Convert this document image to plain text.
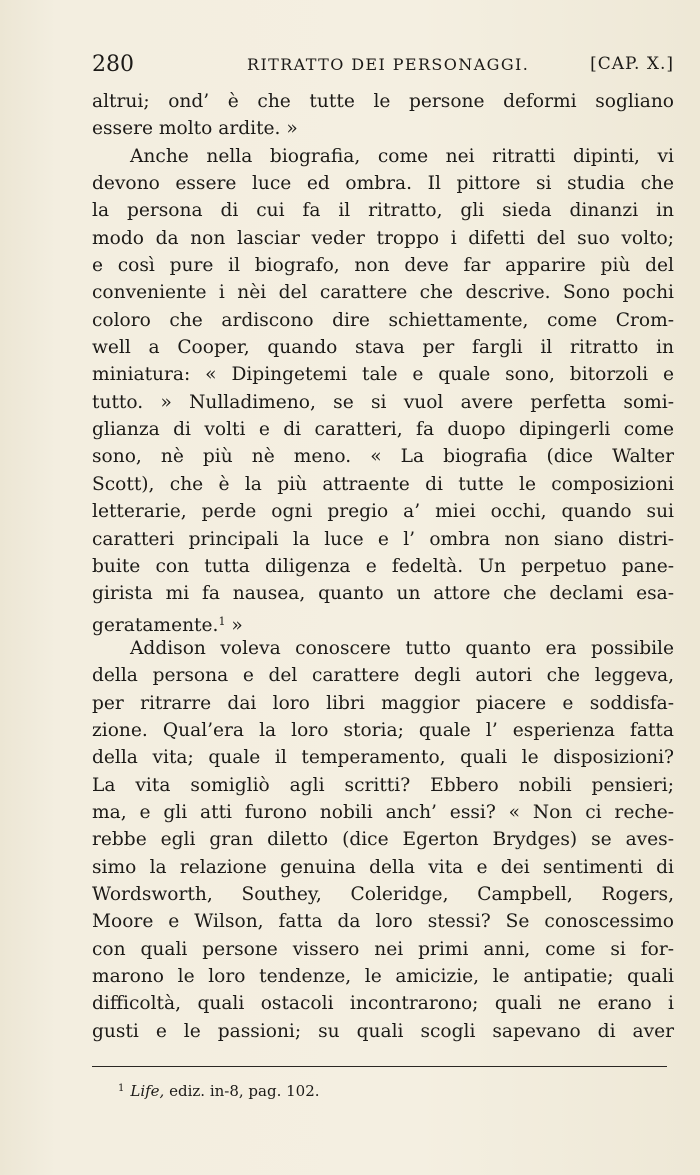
280	RITRATTO DEI PERSONAGGI.	[CAP. X.]
altrui; ond’ è che tutte le persone deformi sogliano
essere molto ardite. »
Anche nella biografia, come nei ritratti dipinti, vi
devono essere luce ed ombra. Il pittore si studia che
la persona di cui fa il ritratto, gli sieda dinanzi in
modo da non lasciar veder troppo i difetti del suo volto;
e così pure il biografo, non deve far apparire più del
conveniente i nèi del carattere che descrive. Sono pochi
coloro che ardiscono dire schiettamente, come Crom-
well a Cooper, quando stava per fargli il ritratto in
miniatura: « Dipingetemi tale e quale sono, bitorzoli e
tutto. » Nulladimeno, se si vuol avere perfetta somi-
glianza di volti e di caratteri, fa duopo dipingerli come
sono, nè più nè meno. « La biografia (dice Walter
Scott), che è la più attraente di tutte le composizioni
letterarie, perde ogni pregio a’ miei occhi, quando sui
caratteri principali la luce e l’ ombra non siano distri-
buite con tutta diligenza e fedeltà. Un perpetuo pane-
girista mi fa nausea, quanto un attore che declami esa-
geratamente.$^1$ »
Addison voleva conoscere tutto quanto era possibile
della persona e del carattere degli autori che leggeva,
per ritrarre dai loro libri maggior piacere e soddisfa-
zione. Qual’era la loro storia; quale l’ esperienza fatta
della vita; quale il temperamento, quali le disposizioni?
La vita somigliò agli scritti? Ebbero nobili pensieri;
ma, e gli atti furono nobili anch’ essi? « Non ci reche-
rebbe egli gran diletto (dice Egerton Brydges) se aves-
simo la relazione genuina della vita e dei sentimenti di
Wordsworth, Southey, Coleridge, Campbell, Rogers,
Moore e Wilson, fatta da loro stessi? Se conoscessimo
con quali persone vissero nei primi anni, come si for-
marono le loro tendenze, le amicizie, le antipatie; quali
difficoltà, quali ostacoli incontrarono; quali ne erano i
gusti e le passioni; su quali scogli sapevano di aver
$^1$ Life, ediz. in-8, pag. 102.
